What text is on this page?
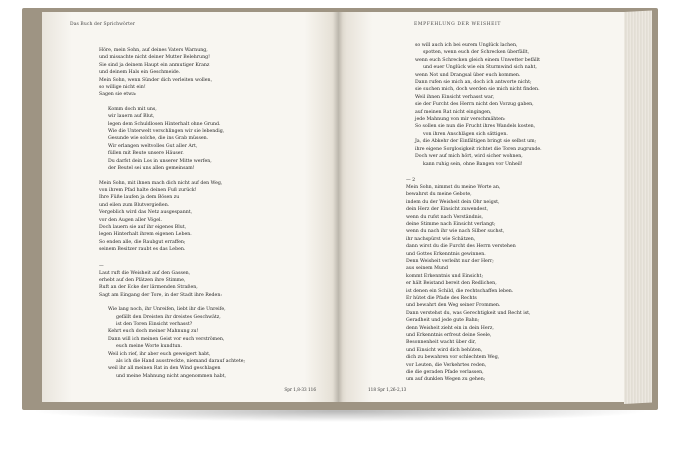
Das Buch der Sprichwörter
Höre, mein Sohn, auf deines Vaters Warnung,
und missachte nicht deiner Mutter Belehrung!
Sie sind ja deinem Haupt ein anmutiger Kranz
und deinem Hals ein Geschmeide.
Mein Sohn, wenn Sünder dich verleiten wollen,
so willige nicht ein!
Sagen sie etwa:
Komm doch mit uns,
wir lauern auf Blut,
legen dem Schuldlosen Hinterhalt ohne Grund.
Wie die Unterwelt verschlingen wir sie lebendig,
Gesunde wie solche, die ins Grab müssen.
Wir erlangen weltvolles Gut aller Art,
füllen mit Beute unsere Häuser.
Du darfst dein Los in unserer Mitte werfen,
der Beutel sei uns allen gemeinsam!
Mein Sohn, mit ihnen mach dich nicht auf den Weg,
von ihrem Pfad halte deinen Fuß zurück!
Ihre Füße laufen ja dem Bösen zu
und eilen zum Blutvergießen.
Vergeblich wird das Netz ausgespannt,
vor den Augen aller Vögel.
Doch lauern sie auf ihr eigenes Blut,
legen Hinterhalt ihrem eigenen Leben.
So enden alle, die Raubgut erraffen;
seinem Besitzer raubt es das Leben.
—
Laut ruft die Weisheit auf den Gassen,
erhebt auf den Plätzen ihre Stimme,
Ruft an der Ecke der lärmenden Straßen,
Sagt am Eingang der Tore, in der Stadt ihre Reden:
Wie lang noch, ihr Unreifen, liebt ihr die Unreife,
gefällt den Dreisten ihr dreistes Geschwätz,
ist den Toren Einsicht verhasst?
Kehrt euch doch meiner Mahnung zu!
Dann will ich meinen Geist vor euch verströmen,
euch meine Worte kundtun.
Weil ich rief, ihr aber euch geweigert habt,
als ich die Hand ausstreckte, niemand darauf achtete;
weil ihr all meinen Rat in den Wind geschlagen
und meine Mahnung nicht angenommen habt,
Spr 1,8-33 116
EMPFEHLUNG DER WEISHEIT
so will auch ich bei eurem Unglück lachen,
spotten, wenn euch der Schrecken überfällt,
wenn euch Schrecken gleich einem Unwetter befällt
und euer Unglück wie ein Sturmwind sich naht,
wenn Not und Drangsal über euch kommen.
Dann rufen sie mich an, doch ich antworte nicht;
sie suchen mich, doch werden sie mich nicht finden.
Weil ihnen Einsicht verhasst war,
sie der Furcht des Herrn nicht den Vorzug gaben,
auf meinen Rat nicht eingingen,
jede Mahnung von mir verschmähten:
So sollen sie nun die Frucht ihres Wandels kosten,
von ihren Anschlägen sich sättigen.
Ja, die Abkehr der Einfältigen bringt sie selbst um;
ihre eigene Sorglosigkeit richtet die Toren zugrunde.
Doch wer auf mich hört, wird sicher wohnen,
kann ruhig sein, ohne Bangen vor Unheil!
— 2
Mein Sohn, nimmst du meine Worte an,
bewahrst du meine Gebote,
indem du der Weisheit dein Ohr neigst,
dein Herz der Einsicht zuwendest,
wenn du rufst nach Verständnis,
deine Stimme nach Einsicht verlangt;
wenn du nach ihr wie nach Silber suchst,
ihr nachspürst wie Schätzen,
dann wirst du die Furcht des Herrn verstehen
und Gottes Erkenntnis gewinnen.
Denn Weisheit verleiht nur der Herr;
aus seinem Mund
kommt Erkenntnis und Einsicht;
er hält Beistand bereit den Redlichen,
ist denen ein Schild, die rechtschaffen leben.
Er hütet die Pfade des Rechts
und bewahrt den Weg seiner Frommen.
Dann verstehst du, was Gerechtigkeit und Recht ist,
Geradheit und jede gute Bahn;
denn Weisheit zieht ein in dein Herz,
und Erkenntnis erfreut deine Seele,
Besonnenheit wacht über dir,
und Einsicht wird dich behüten,
dich zu bewahren vor schlechtem Weg,
vor Leuten, die Verkehrtes reden,
die die geraden Pfade verlassen,
um auf dunklen Wegen zu gehen;
118 Spr 1,26-2,13
